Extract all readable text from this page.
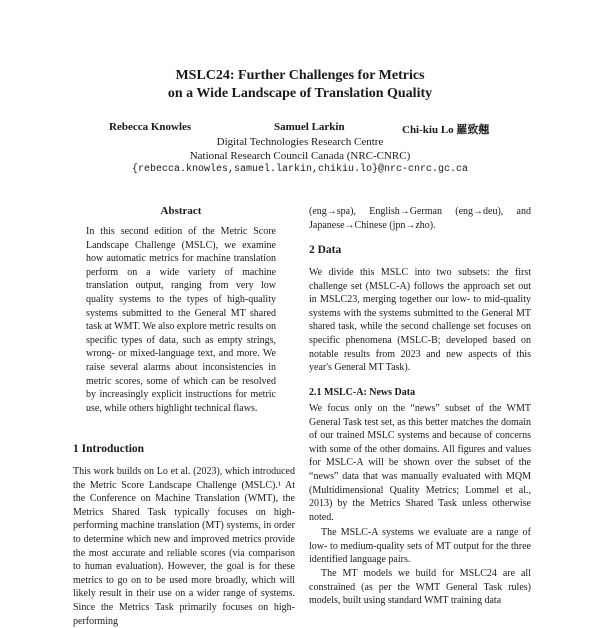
MSLC24: Further Challenges for Metrics
on a Wide Landscape of Translation Quality
Rebecca Knowles	Samuel Larkin	Chi-kiu Lo 羅致翹
Digital Technologies Research Centre
National Research Council Canada (NRC-CNRC)
{rebecca.knowles,samuel.larkin,chikiu.lo}@nrc-cnrc.gc.ca
Abstract

In this second edition of the Metric Score Landscape Challenge (MSLC), we examine how automatic metrics for machine translation perform on a wide variety of machine translation output, ranging from very low quality systems to the types of high-quality systems submitted to the General MT shared task at WMT. We also explore metric results on specific types of data, such as empty strings, wrong- or mixed-language text, and more. We raise several alarms about inconsistencies in metric scores, some of which can be resolved by increasingly explicit instructions for metric use, while others highlight technical flaws.

1 Introduction

This work builds on Lo et al. (2023), which introduced the Metric Score Landscape Challenge (MSLC).¹ At the Conference on Machine Translation (WMT), the Metrics Shared Task typically focuses on high-performing machine translation (MT) systems, in order to determine which new and improved metrics provide the most accurate and reliable scores (via comparison to human evaluation). However, the goal is for these metrics to go on to be used more broadly, which will likely result in their use on a wider range of systems. Since the Metrics Task primarily focuses on high-performing

(eng→spa), English→German (eng→deu), and Japanese→Chinese (jpn→zho).

2 Data

We divide this MSLC into two subsets: the first challenge set (MSLC-A) follows the approach set out in MSLC23, merging together our low- to mid-quality systems with the systems submitted to the General MT shared task, while the second challenge set focuses on specific phenomena (MSLC-B; developed based on notable results from 2023 and new aspects of this year's General MT Task).

2.1 MSLC-A: News Data

We focus only on the “news” subset of the WMT General Task test set, as this better matches the domain of our trained MSLC systems and because of concerns with some of the other domains. All figures and values for MSLC-A will be shown over the subset of the “news” data that was manually evaluated with MQM (Multidimensional Quality Metrics; Lommel et al., 2013) by the Metrics Shared Task unless otherwise noted.

The MSLC-A systems we evaluate are a range of low- to medium-quality sets of MT output for the three identified language pairs.

The MT models we build for MSLC24 are all constrained (as per the WMT General Task rules) models, built using standard WMT training data
